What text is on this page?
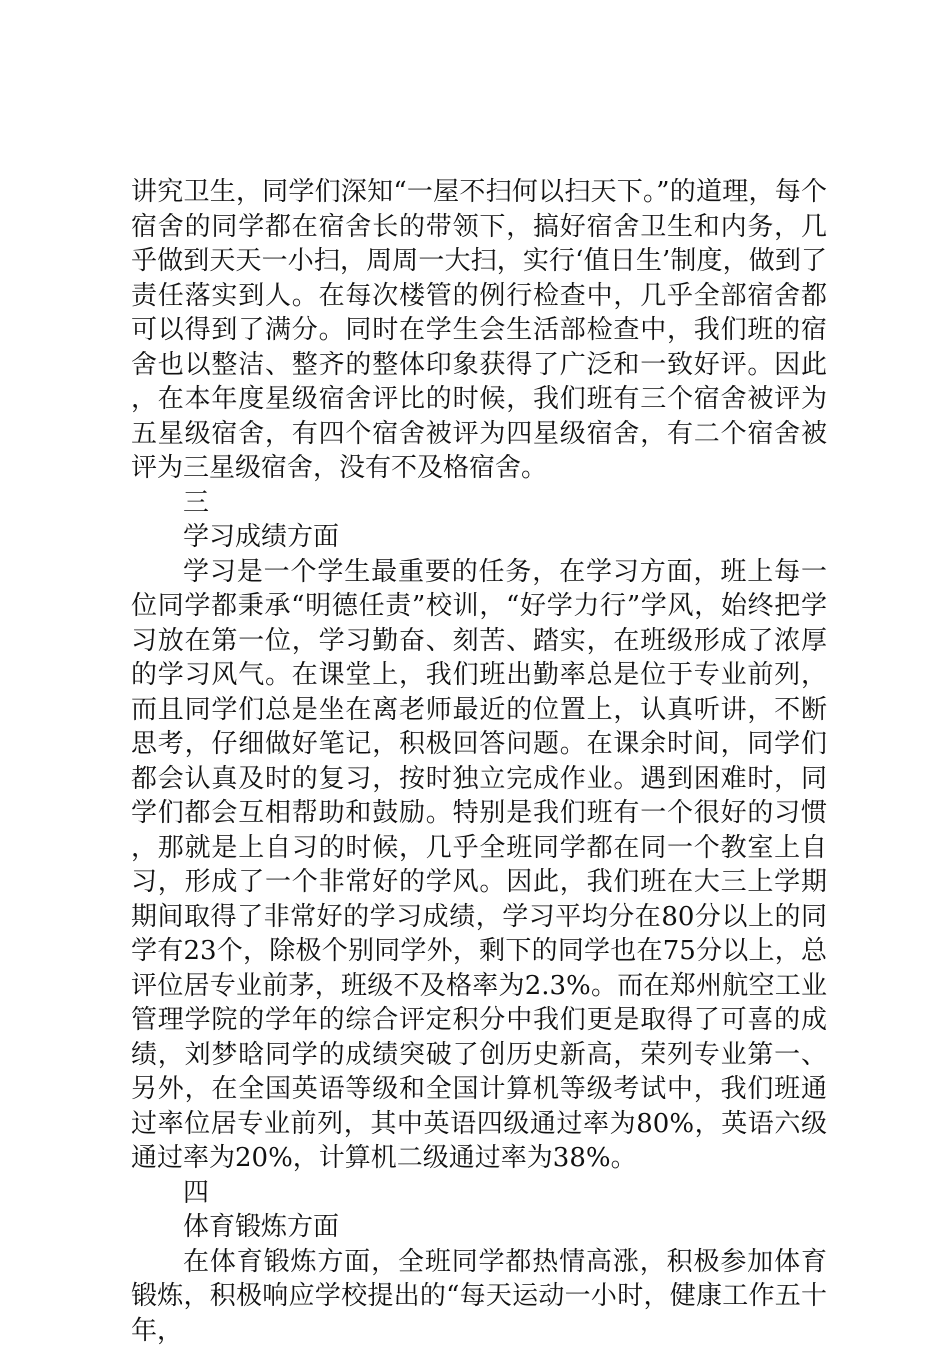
讲究卫生，同学们深知“一屋不扫何以扫天下。”的道理，每个宿舍的同学都在宿舍长的带领下，搞好宿舍卫生和内务，几乎做到天天一小扫，周周一大扫，实行‘值日生’制度，做到了责任落实到人。在每次楼管的例行检查中，几乎全部宿舍都可以得到了满分。同时在学生会生活部检查中，我们班的宿舍也以整洁、整齐的整体印象获得了广泛和一致好评。因此，在本年度星级宿舍评比的时候，我们班有三个宿舍被评为五星级宿舍，有四个宿舍被评为四星级宿舍，有二个宿舍被评为三星级宿舍，没有不及格宿舍。

三

学习成绩方面

学习是一个学生最重要的任务，在学习方面，班上每一位同学都秉承“明德任责”校训，“好学力行”学风，始终把学习放在第一位，学习勤奋、刻苦、踏实，在班级形成了浓厚的学习风气。在课堂上，我们班出勤率总是位于专业前列，而且同学们总是坐在离老师最近的位置上，认真听讲，不断思考，仔细做好笔记，积极回答问题。在课余时间，同学们都会认真及时的复习，按时独立完成作业。遇到困难时，同学们都会互相帮助和鼓励。特别是我们班有一个很好的习惯，那就是上自习的时候，几乎全班同学都在同一个教室上自习，形成了一个非常好的学风。因此，我们班在大三上学期期间取得了非常好的学习成绩，学习平均分在80分以上的同学有23个，除极个别同学外，剩下的同学也在75分以上，总评位居专业前茅，班级不及格率为2.3%。而在郑州航空工业管理学院的学年的综合评定积分中我们更是取得了可喜的成绩，刘梦晗同学的成绩突破了创历史新高，荣列专业第一、另外，在全国英语等级和全国计算机等级考试中，我们班通过率位居专业前列，其中英语四级通过率为80%，英语六级通过率为20%，计算机二级通过率为38%。

四

体育锻炼方面

在体育锻炼方面，全班同学都热情高涨，积极参加体育锻炼，积极响应学校提出的“每天运动一小时，健康工作五十年，
